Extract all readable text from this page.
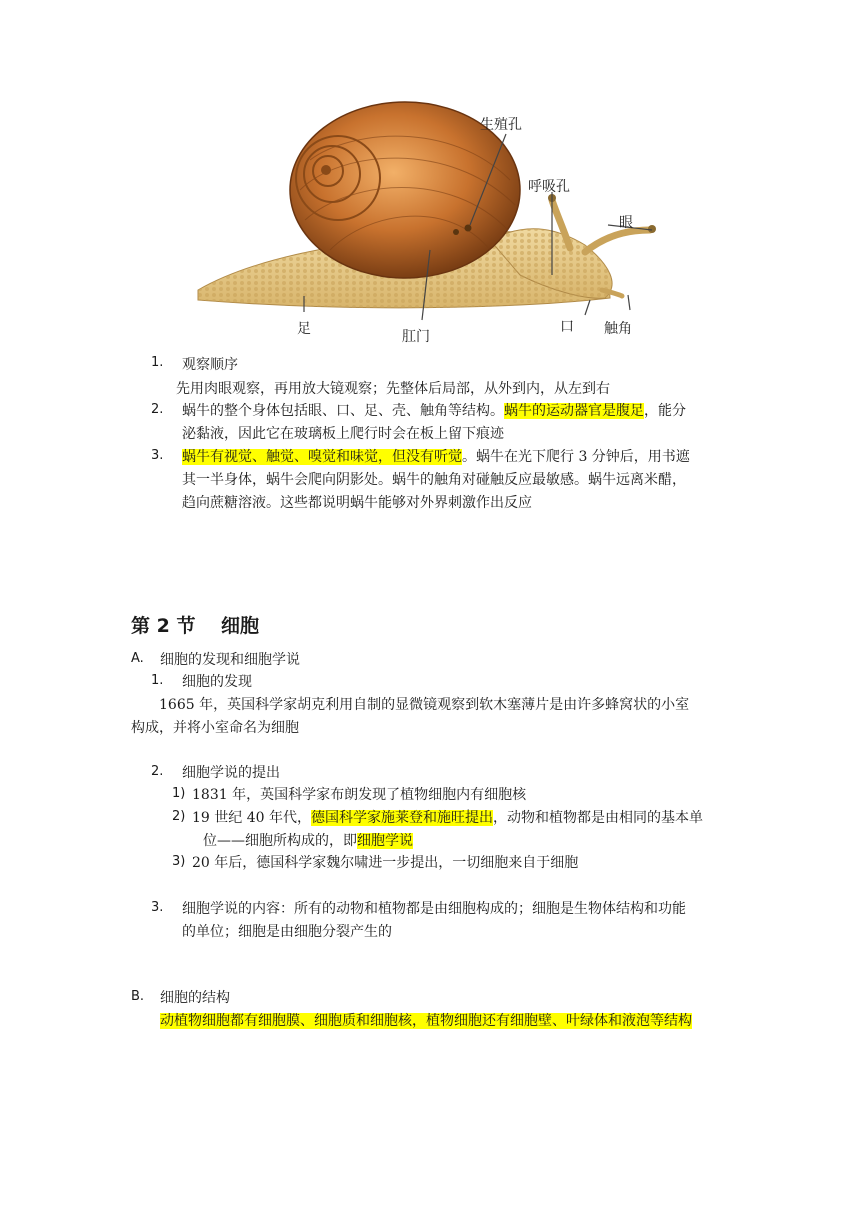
生殖孔
呼吸孔
眼
足	肛门
口 触角
1. 观察顺序
先用肉眼观察，再用放大镜观察；先整体后局部，从外到内，从左到右
2. 蜗牛的整个身体包括眼、口、足、壳、触角等结构。蜗牛的运动器官是腹足，能分
泌黏液，因此它在玻璃板上爬行时会在板上留下痕迹
3. 蜗牛有视觉、触觉、嗅觉和味觉，但没有听觉。蜗牛在光下爬行 3 分钟后，用书遮
其一半身体，蜗牛会爬向阴影处。蜗牛的触角对碰触反应最敏感。蜗牛远离米醋，
趋向蔗糖溶液。这些都说明蜗牛能够对外界刺激作出反应
第 2 节 细胞
A. 细胞的发现和细胞学说
1. 细胞的发现
1665 年，英国科学家胡克利用自制的显微镜观察到软木塞薄片是由许多蜂窝状的小室
构成，并将小室命名为细胞
2. 细胞学说的提出
1) 1831 年，英国科学家布朗发现了植物细胞内有细胞核
2) 19 世纪 40 年代，德国科学家施莱登和施旺提出，动物和植物都是由相同的基本单
位——细胞所构成的，即细胞学说
3) 20 年后，德国科学家魏尔啸进一步提出，一切细胞来自于细胞
3. 细胞学说的内容：所有的动物和植物都是由细胞构成的；细胞是生物体结构和功能
的单位；细胞是由细胞分裂产生的
B. 细胞的结构
动植物细胞都有细胞膜、细胞质和细胞核，植物细胞还有细胞壁、叶绿体和液泡等结构
